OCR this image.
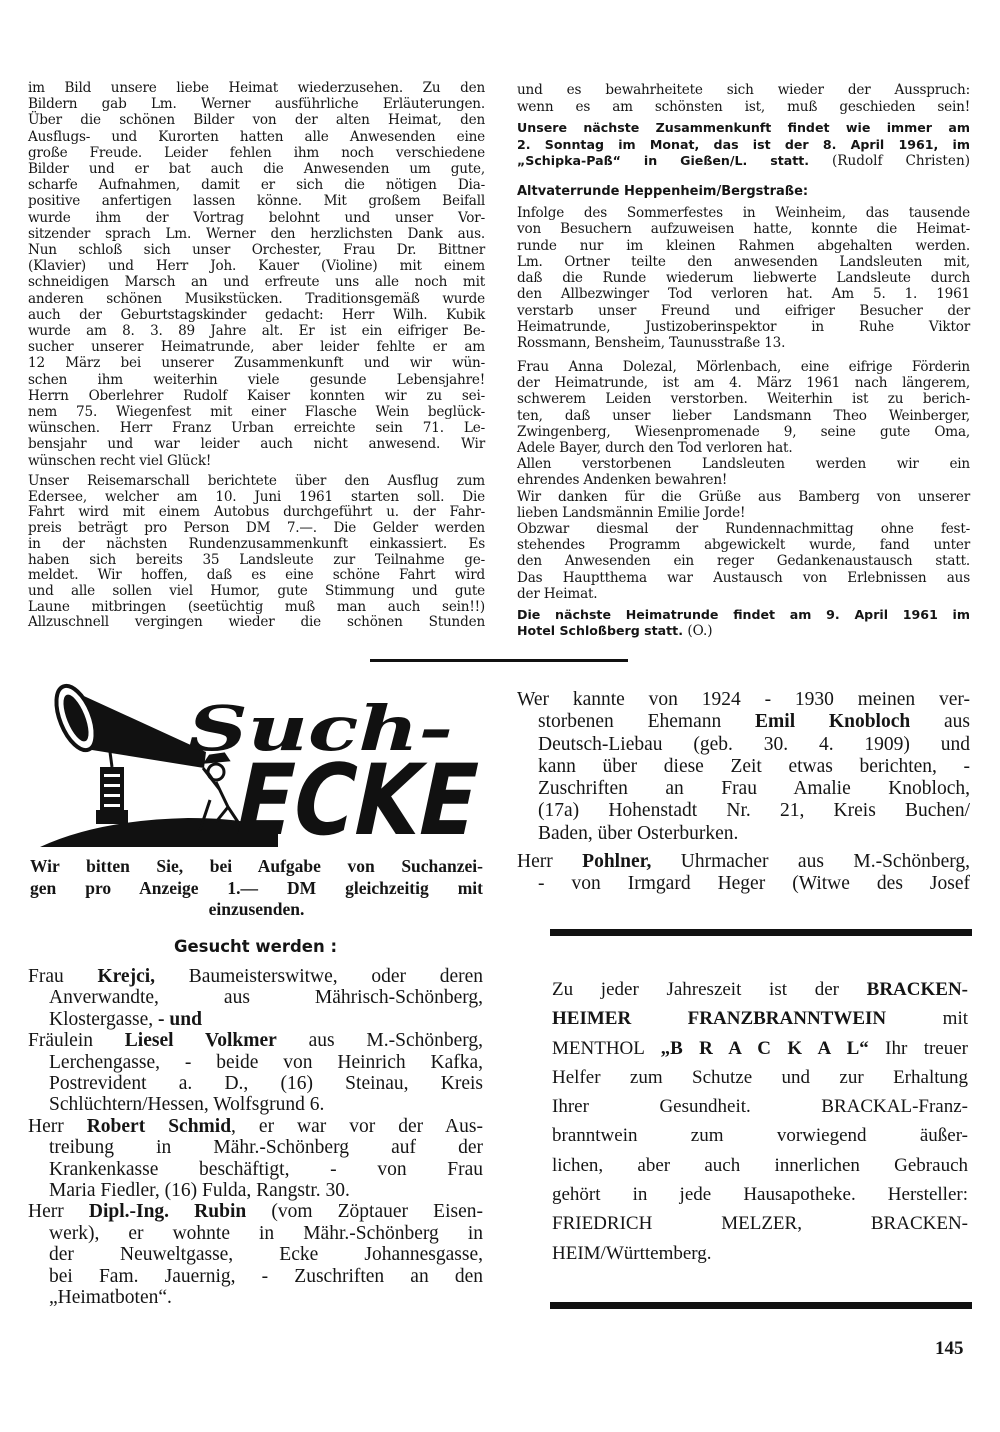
im Bild unsere liebe Heimat wiederzusehen. Zu den
Bildern gab Lm. Werner ausführliche Erläuterungen.
Über die schönen Bilder von der alten Heimat, den
Ausflugs- und Kurorten hatten alle Anwesenden eine
große Freude. Leider fehlen ihm noch verschiedene
Bilder und er bat auch die Anwesenden um gute,
scharfe Aufnahmen, damit er sich die nötigen Dia-
positive anfertigen lassen könne. Mit großem Beifall
wurde ihm der Vortrag belohnt und unser Vor-
sitzender sprach Lm. Werner den herzlichsten Dank aus.
Nun schloß sich unser Orchester, Frau Dr. Bittner
(Klavier) und Herr Joh. Kauer (Violine) mit einem
schneidigen Marsch an und erfreute uns alle noch mit
anderen schönen Musikstücken. Traditionsgemäß wurde
auch der Geburtstagskinder gedacht: Herr Wilh. Kubik
wurde am 8. 3. 89 Jahre alt. Er ist ein eifriger Be-
sucher unserer Heimatrunde, aber leider fehlte er am
12 März bei unserer Zusammenkunft und wir wün-
schen ihm weiterhin viele gesunde Lebensjahre!
Herrn Oberlehrer Rudolf Kaiser konnten wir zu sei-
nem 75. Wiegenfest mit einer Flasche Wein beglück-
wünschen. Herr Franz Urban erreichte sein 71. Le-
bensjahr und war leider auch nicht anwesend. Wir
wünschen recht viel Glück!
Unser Reisemarschall berichtete über den Ausflug zum
Edersee, welcher am 10. Juni 1961 starten soll. Die
Fahrt wird mit einem Autobus durchgeführt u. der Fahr-
preis beträgt pro Person DM 7.—. Die Gelder werden
in der nächsten Rundenzusammenkunft einkassiert. Es
haben sich bereits 35 Landsleute zur Teilnahme ge-
meldet. Wir hoffen, daß es eine schöne Fahrt wird
und alle sollen viel Humor, gute Stimmung und gute
Laune mitbringen (seetüchtig muß man auch sein!!)
Allzuschnell vergingen wieder die schönen Stunden
und es bewahrheitete sich wieder der Ausspruch:
wenn es am schönsten ist, muß geschieden sein!
Unsere nächste Zusammenkunft findet wie immer am
2. Sonntag im Monat, das ist der 8. April 1961, im
„Schipka-Paß“ in Gießen/L. statt. (Rudolf Christen)
Altvaterrunde Heppenheim/Bergstraße:
Infolge des Sommerfestes in Weinheim, das tausende
von Besuchern aufzuweisen hatte, konnte die Heimat-
runde nur im kleinen Rahmen abgehalten werden.
Lm. Ortner teilte den anwesenden Landsleuten mit,
daß die Runde wiederum liebwerte Landsleute durch
den Allbezwinger Tod verloren hat. Am 5. 1. 1961
verstarb unser Freund und eifriger Besucher der
Heimatrunde, Justizoberinspektor in Ruhe Viktor
Rossmann, Bensheim, Taunusstraße 13.
Frau Anna Dolezal, Mörlenbach, eine eifrige Förderin
der Heimatrunde, ist am 4. März 1961 nach längerem,
schwerem Leiden verstorben. Weiterhin ist zu berich-
ten, daß unser lieber Landsmann Theo Weinberger,
Zwingenberg, Wiesenpromenade 9, seine gute Oma,
Adele Bayer, durch den Tod verloren hat.
Allen verstorbenen Landsleuten werden wir ein
ehrendes Andenken bewahren!
Wir danken für die Grüße aus Bamberg von unserer
lieben Landsmännin Emilie Jorde!
Obzwar diesmal der Rundennachmittag ohne fest-
stehendes Programm abgewickelt wurde, fand unter
den Anwesenden ein reger Gedankenaustausch statt.
Das Hauptthema war Austausch von Erlebnissen aus
der Heimat.
Die nächste Heimatrunde findet am 9. April 1961 im
Hotel Schloßberg statt. (O.)
Such-
ECKE
Wir bitten Sie, bei Aufgabe von Suchanzei-
gen pro Anzeige 1.— DM gleichzeitig mit
einzusenden.
Gesucht werden :
Frau Krejci, Baumeisterswitwe, oder deren
Anverwandte, aus Mährisch-Schönberg,
Klostergasse, - und
Fräulein Liesel Volkmer aus M.-Schönberg,
Lerchengasse, - beide von Heinrich Kafka,
Postrevident a. D., (16) Steinau, Kreis
Schlüchtern/Hessen, Wolfsgrund 6.
Herr Robert Schmid, er war vor der Aus-
treibung in Mähr.-Schönberg auf der
Krankenkasse beschäftigt, - von Frau
Maria Fiedler, (16) Fulda, Rangstr. 30.
Herr Dipl.-Ing. Rubin (vom Zöptauer Eisen-
werk), er wohnte in Mähr.-Schönberg in
der Neuweltgasse, Ecke Johannesgasse,
bei Fam. Jauernig, - Zuschriften an den
„Heimatboten“.
Wer kannte von 1924 - 1930 meinen ver-
storbenen Ehemann Emil Knobloch aus
Deutsch-Liebau (geb. 30. 4. 1909) und
kann über diese Zeit etwas berichten, -
Zuschriften an Frau Amalie Knobloch,
(17a) Hohenstadt Nr. 21, Kreis Buchen/
Baden, über Osterburken.
Herr Pohlner, Uhrmacher aus M.-Schönberg,
- von Irmgard Heger (Witwe des Josef
Zu jeder Jahreszeit ist der BRACKEN-
HEIMER FRANZBRANNTWEIN mit
MENTHOL „B R A C K A L“ Ihr treuer
Helfer zum Schutze und zur Erhaltung
Ihrer Gesundheit. BRACKAL-Franz-
branntwein zum vorwiegend äußer-
lichen, aber auch innerlichen Gebrauch
gehört in jede Hausapotheke. Hersteller:
FRIEDRICH MELZER, BRACKEN-
HEIM/Württemberg.
145
